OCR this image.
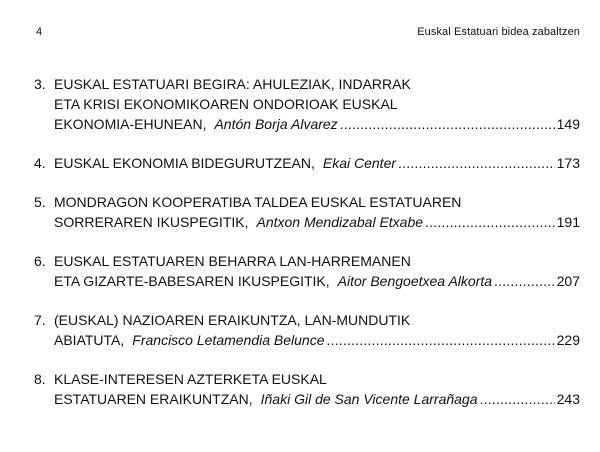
4	Euskal Estatuari bidea zabaltzen
3. EUSKAL ESTATUARI BEGIRA: AHULEZIAK, INDARRAK
ETA KRISI EKONOMIKOAREN ONDORIOAK EUSKAL
EKONOMIA-EHUNEAN, Antón Borja Alvarez .....	149
4. EUSKAL EKONOMIA BIDEGURUTZEAN, Ekai Center .....	173
5. MONDRAGON KOOPERATIBA TALDEA EUSKAL ESTATUAREN
SORRERAREN IKUSPEGITIK, Antxon Mendizabal Etxabe .....	191
6. EUSKAL ESTATUAREN BEHARRA LAN-HARREMANEN
ETA GIZARTE-BABESAREN IKUSPEGITIK, Aitor Bengoetxea Alkorta .....	207
7. (EUSKAL) NAZIOAREN ERAIKUNTZA, LAN-MUNDUTIK
ABIATUTA, Francisco Letamendia Belunce .....	229
8. KLASE-INTERESEN AZTERKETA EUSKAL
ESTATUAREN ERAIKUNTZAN, Iñaki Gil de San Vicente Larrañaga .....	243
